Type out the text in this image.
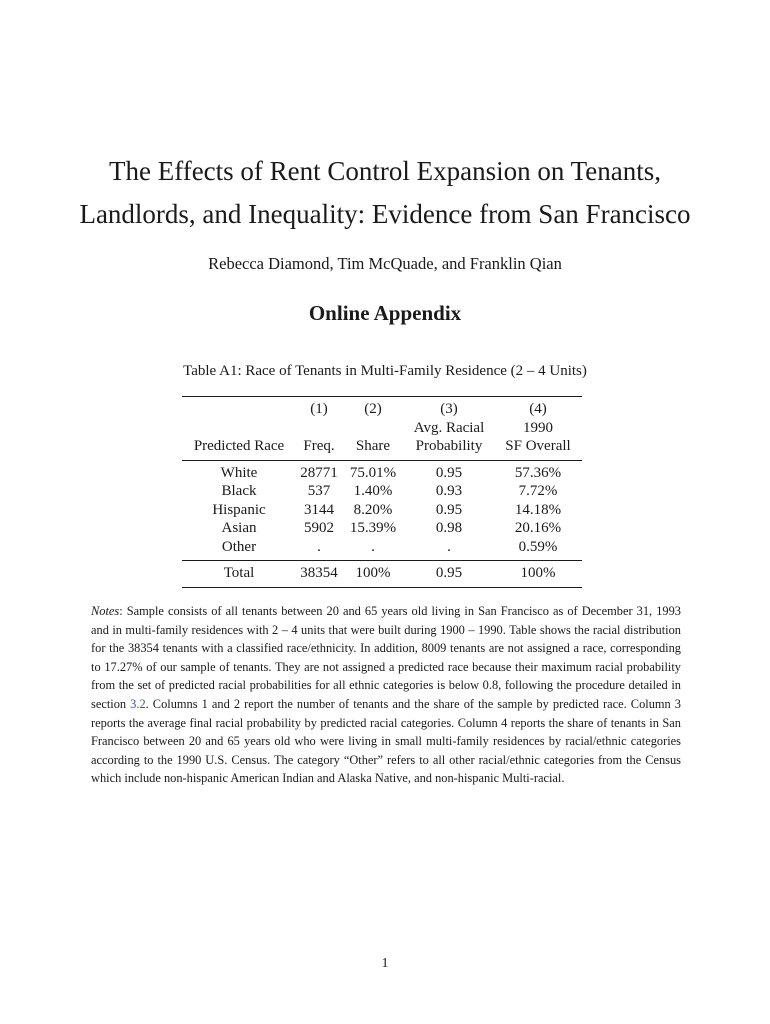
The Effects of Rent Control Expansion on Tenants,
Landlords, and Inequality: Evidence from San Francisco
Rebecca Diamond, Tim McQuade, and Franklin Qian
Online Appendix
Table A1: Race of Tenants in Multi-Family Residence (2 – 4 Units)
	(1)	(2)	(3)	(4)
			Avg. Racial	1990
Predicted Race	Freq.	Share	Probability	SF Overall
White	28771	75.01%	0.95	57.36%
Black	537	1.40%	0.93	7.72%
Hispanic	3144	8.20%	0.95	14.18%
Asian	5902	15.39%	0.98	20.16%
Other	.	.	.	0.59%
Total	38354	100%	0.95	100%
Notes: Sample consists of all tenants between 20 and 65 years old living in San Francisco as of December 31, 1993 and in multi-family residences with 2 – 4 units that were built during 1900 – 1990. Table shows the racial distribution for the 38354 tenants with a classified race/ethnicity. In addition, 8009 tenants are not assigned a race, corresponding to 17.27% of our sample of tenants. They are not assigned a predicted race because their maximum racial probability from the set of predicted racial probabilities for all ethnic categories is below 0.8, following the procedure detailed in section 3.2. Columns 1 and 2 report the number of tenants and the share of the sample by predicted race. Column 3 reports the average final racial probability by predicted racial categories. Column 4 reports the share of tenants in San Francisco between 20 and 65 years old who were living in small multi-family residences by racial/ethnic categories according to the 1990 U.S. Census. The category “Other” refers to all other racial/ethnic categories from the Census which include non-hispanic American Indian and Alaska Native, and non-hispanic Multi-racial.
1
